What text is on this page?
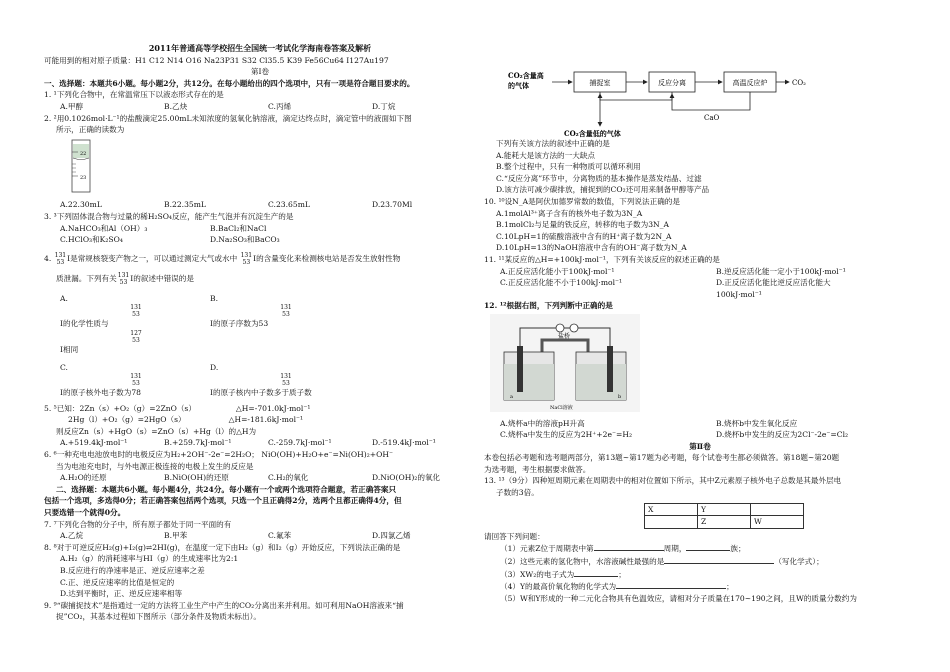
2011年普通高等学校招生全国统一考试化学海南卷答案及解析
可能用到的相对原子质量：H1 C12 N14 O16 Na23P31 S32 Cl35.5 K39 Fe56Cu64 I127Au197
第Ⅰ卷
一、选择题：本题共6小题。每小题2分，共12分。在每小题给出的四个选项中，只有一项是符合题目要求的。
1. ¹下列化合物中，在常温常压下以液态形式存在的是
A.甲醇	B.乙炔	C.丙烯	D.丁烷
2. ²用0.1026mol·L⁻¹的盐酸滴定25.00mL未知浓度的氢氧化钠溶液，滴定达终点时，滴定管中的液面如下图
所示，正确的读数为
22
23
A.22.30mL	B.22.35mL	C.23.65mL	D.23.70Ml
3. ³下列固体混合物与过量的稀H₂SO₄反应，能产生气泡并有沉淀生产的是
A.NaHCO₃和Al（OH）₃	B.BaCl₂和NaCl
C.HClO₃和K₂SO₄	D.Na₂SO₃和BaCO₃
4. 131
53 I是常规核裂变产物之一，可以通过测定大气或水中 131
53 I的含量变化来检测核电站是否发生放射性物
质泄漏。下列有关 131
53 I的叙述中错误的是
A.
131
53
I的化学性质与
127
53
I相同
B.
131
53
I的原子序数为53
C.
131
53
I的原子核外电子数为78
D.
131
53
I的原子核内中子数多于质子数
5. ⁵已知：2Zn（s）+O₂（g）=2ZnO（s）	△H=-701.0kJ·mol⁻¹
2Hg（l）+O₂（g）=2HgO（s）	△H=-181.6kJ·mol⁻¹
则反应Zn（s）+HgO（s）=ZnO（s）+Hg（l）的△H为
A.+519.4kJ·mol⁻¹	B.+259.7kJ·mol⁻¹	C.-259.7kJ·mol⁻¹	D.-519.4kJ·mol⁻¹
6. ⁶一种充电电池放电时的电极反应为H₂+2OH⁻-2e⁻=2H₂O； NiO(OH)+H₂O+e⁻=Ni(OH)₂+OH⁻
当为电池充电时，与外电源正极连接的电极上发生的反应是
A.H₂O的还原	B.NiO(OH)的还原	C.H₂的氧化	D.NiO(OH)₂的氧化
二、选择题：本题共6小题。每小题4分，共24分。每小题有一个或两个选项符合题意，若正确答案只
包括一个选项，多选得0分；若正确答案包括两个选项，只选一个且正确得2分，选两个且都正确得4分，但
只要选错一个就得0分。
7. ⁷下列化合物的分子中，所有原子都处于同一平面的有
A.乙烷	B.甲苯	C.氟苯	D.四氯乙烯
8. ⁸对于可逆反应H₂(g)+I₂(g)⇌2HI(g)，在温度一定下由H₂（g）和I₂（g）开始反应，下列说法正确的是
A.H₂（g）的消耗速率与HI（g）的生成速率比为2:1
B.反应进行的净速率是正、逆反应速率之差
C.正、逆反应速率的比值是恒定的
D.达到平衡时，正、逆反应速率相等
9. ⁹“碳捕捉技术”是指通过一定的方法将工业生产中产生的CO₂分离出来并利用。如可利用NaOH溶液来“捕
捉”CO₂，其基本过程如下图所示（部分条件及物质未标出）。
CO₂含量高
的气体	捕捉室	反应分离	高温反应炉	CO₂
CaO
CO₂含量低的气体
下列有关该方法的叙述中正确的是
A.能耗大是该方法的一大缺点
B.整个过程中，只有一种物质可以循环利用
C.“反应分离”环节中，分离物质的基本操作是蒸发结晶、过滤
D.该方法可减少碳排放，捕捉到的CO₂还可用来制备甲醇等产品
10. ¹⁰设N_A是阿伏加德罗常数的数值，下列说法正确的是
A.1molAl³⁺离子含有的核外电子数为3N_A
B.1molCl₂与足量的铁反应，转移的电子数为3N_A
C.10LpH=1的硫酸溶液中含有的H⁺离子数为2N_A
D.10LpH=13的NaOH溶液中含有的OH⁻离子数为N_A
11. ¹¹某反应的△H=+100kJ·mol⁻¹，下列有关该反应的叙述正确的是
A.正反应活化能小于100kJ·mol⁻¹	B.逆反应活化能一定小于100kJ·mol⁻¹
C.正反应活化能不小于100kJ·mol⁻¹	D.正反应活化能比逆反应活化能大100kJ·mol⁻¹
12. ¹²根据右图，下列判断中正确的是
盐桥
a	b
NaCl溶液
A.烧杯a中的溶液pH升高	B.烧杯b中发生氧化反应
C.烧杯a中发生的反应为2H⁺+2e⁻=H₂	D.烧杯b中发生的反应为2Cl⁻-2e⁻=Cl₂
第Ⅱ卷
本卷包括必考题和选考题两部分，第13题~第17题为必考题，每个试卷考生都必须做答。第18题~第20题
为选考题，考生根据要求做答。
13. ¹³（9分）四种短周期元素在周期表中的相对位置如下所示，其中Z元素原子核外电子总数是其最外层电
子数的3倍。
X	Y	
	Z	W
请回答下列问题：
（1）元素Z位于周期表中第	周期，	族；
（2）这些元素的氢化物中，水溶液碱性最强的是	（写化学式）；
（3）XW₂的电子式为	；
（4）Y的最高价氧化物的化学式为	；
（5）W和Y形成的一种二元化合物具有色温效应，请相对分子质量在170~190之间，且W的质量分数约为
